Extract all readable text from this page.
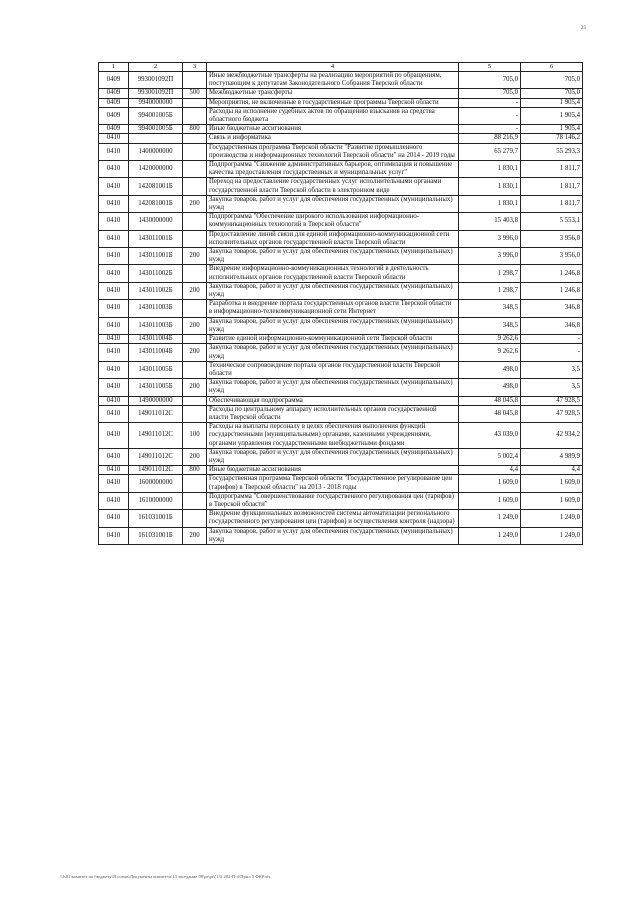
25
1	2	3	4	5	6
0409	993001092П		Иные межбюджетные трансферты на реализацию мероприятий по обращениям, поступающим к депутатам Законодательного Собрания Тверской области	705,0	705,0
0409	993001092П	500	Межбюджетные трансферты	705,0	705,0
0409	9940000000		Мероприятия, не включенные в государственные программы Тверской области	-	1 905,4
0409	994001005Б		Расходы на исполнение судебных актов по обращению взыскания на средства областного бюджета	-	1 905,4
0409	994001005Б	800	Иные бюджетные ассигнования	-	1 905,4
0410			Связь и информатика	88 216,9	78 146,2
0410	1400000000		Государственная программа Тверской области "Развитие промышленного производства и информационных технологий Тверской области" на 2014 - 2019 годы	65 279,7	55 293,3
0410	1420000000		Подпрограмма "Снижение административных барьеров, оптимизация и повышение качества предоставления государственных и муниципальных услуг"	1 830,1	1 811,7
0410	142081001Б		Переход на предоставление государственных услуг исполнительными органами государственной власти Тверской области в электронном виде	1 830,1	1 811,7
0410	142081001Б	200	Закупка товаров, работ и услуг для обеспечения государственных (муниципальных) нужд	1 830,1	1 811,7
0410	1430000000		Подпрограмма "Обеспечение широкого использования информационно-коммуникационных технологий в Тверской области"	15 403,8	5 553,1
0410	143011001Б		Предоставление линий связи для единой информационно-коммуникационной сети исполнительных органов государственной власти Тверской области	3 996,0	3 956,0
0410	143011001Б	200	Закупка товаров, работ и услуг для обеспечения государственных (муниципальных) нужд	3 996,0	3 956,0
0410	143011002Б		Внедрение информационно-коммуникационных технологий в деятельность исполнительных органов государственной власти Тверской области	1 298,7	1 246,8
0410	143011002Б	200	Закупка товаров, работ и услуг для обеспечения государственных (муниципальных) нужд	1 298,7	1 246,8
0410	143011003Б		Разработка и внедрение портала государственных органов власти Тверской области в информационно-телекоммуникационной сети Интернет	348,5	346,8
0410	143011003Б	200	Закупка товаров, работ и услуг для обеспечения государственных (муниципальных) нужд	348,5	346,8
0410	143011004Б		Развитие единой информационно-коммуникационной сети Тверской области	9 262,6	-
0410	143011004Б	200	Закупка товаров, работ и услуг для обеспечения государственных (муниципальных) нужд	9 262,6	-
0410	143011005Б		Техническое сопровождение портала органов государственной власти Тверской области	498,0	3,5
0410	143011005Б	200	Закупка товаров, работ и услуг для обеспечения государственных (муниципальных) нужд	498,0	3,5
0410	1490000000		Обеспечивающая подпрограмма	48 045,8	47 928,5
0410	149011012С		Расходы по центральному аппарату исполнительных органов государственной власти Тверской области	48 045,8	47 928,5
0410	149011012С	100	Расходы на выплаты персоналу в целях обеспечения выполнения функций государственными (муниципальными) органами, казенными учреждениями, органами управления государственными внебюджетными фондами	43 039,0	42 934,2
0410	149011012С	200	Закупка товаров, работ и услуг для обеспечения государственных (муниципальных) нужд	5 002,4	4 989,9
0410	149011012С	800	Иные бюджетные ассигнования	4,4	4,4
0410	1600000000		Государственная программа Тверской области "Государственное регулирование цен (тарифов) в Тверской области" на 2013 - 2018 годы	1 609,0	1 609,0
0410	1610000000		Подпрограмма "Совершенствование государственного регулирования цен (тарифов) в Тверской области"	1 609,0	1 609,0
0410	161031001Б		Внедрение функциональных возможностей системы автоматизации регионального государственного регулирования цен (тарифов) и осуществления контроля (надзора)	1 249,0	1 249,0
0410	161031001Б	200	Закупка товаров, работ и услуг для обеспечения государственных (муниципальных) нужд	1 249,0	1 249,0
\\fs01\комитет по бюджету\Я.созыв\Документы комитета\13 заседание 09\pr\pr\(13) 282-П-4\Прил 5 ФКР.xls
